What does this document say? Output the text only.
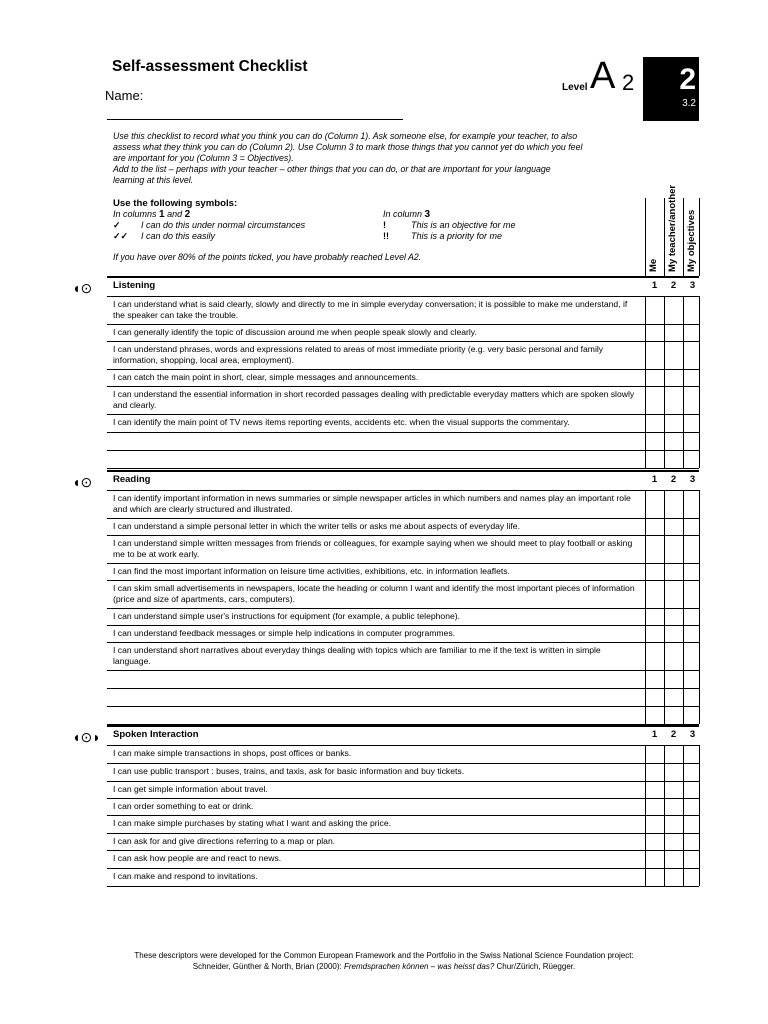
Self-assessment Checklist
Name:
Level A 2 2
3.2

Use this checklist to record what you think you can do (Column 1). Ask someone else, for example your teacher, to also assess what they think you can do (Column 2). Use Column 3 to mark those things that you cannot yet do which you feel are important for you (Column 3 = Objectives).

Add to the list – perhaps with your teacher – other things that you can do, or that are important for your language learning at this level.

Use the following symbols:
In columns 1 and 2	In column 3
✓ I can do this under normal circumstances	!	This is an objective for me
✓✓ I can do this easily	!! This is a priority for me
If you have over 80% of the points ticked, you have probably reached Level A2.
Me My teacher/another My objectives
◖⊙ Listening	1	2	3
I can understand what is said clearly, slowly and directly to me in simple everyday conversation; it is possible to make me understand, if the speaker can take the trouble.
I can generally identify the topic of discussion around me when people speak slowly and clearly.
I can understand phrases, words and expressions related to areas of most immediate priority (e.g. very basic personal and family information, shopping, local area, employment).
I can catch the main point in short, clear, simple messages and announcements.
I can understand the essential information in short recorded passages dealing with predictable everyday matters which are spoken slowly and clearly.
I can identify the main point of TV news items reporting events, accidents etc. when the visual supports the commentary.
◖⊙ Reading	1	2	3
I can identify important information in news summaries or simple newspaper articles in which numbers and names play an important role and which are clearly structured and illustrated.
I can understand a simple personal letter in which the writer tells or asks me about aspects of everyday life.
I can understand simple written messages from friends or colleagues, for example saying when we should meet to play football or asking me to be at work early.
I can find the most important information on leisure time activities, exhibitions, etc. in information leaflets.
I can skim small advertisements in newspapers, locate the heading or column I want and identify the most important pieces of information (price and size of apartments, cars, computers).
I can understand simple user's instructions for equipment (for example, a public telephone).
I can understand feedback messages or simple help indications in computer programmes.
I can understand short narratives about everyday things dealing with topics which are familiar to me if the text is written in simple language.
◖⊙◗ Spoken Interaction	1	2	3
I can make simple transactions in shops, post offices or banks.
I can use public transport : buses, trains, and taxis, ask for basic information and buy tickets.
I can get simple information about travel.
I can order something to eat or drink.
I can make simple purchases by stating what I want and asking the price.
I can ask for and give directions referring to a map or plan.
I can ask how people are and react to news.
I can make and respond to invitations.
These descriptors were developed for the Common European Framework and the Portfolio in the Swiss National Science Foundation project:
Schneider, Günther & North, Brian (2000): Fremdsprachen können – was heisst das? Chur/Zürich, Rüegger.
